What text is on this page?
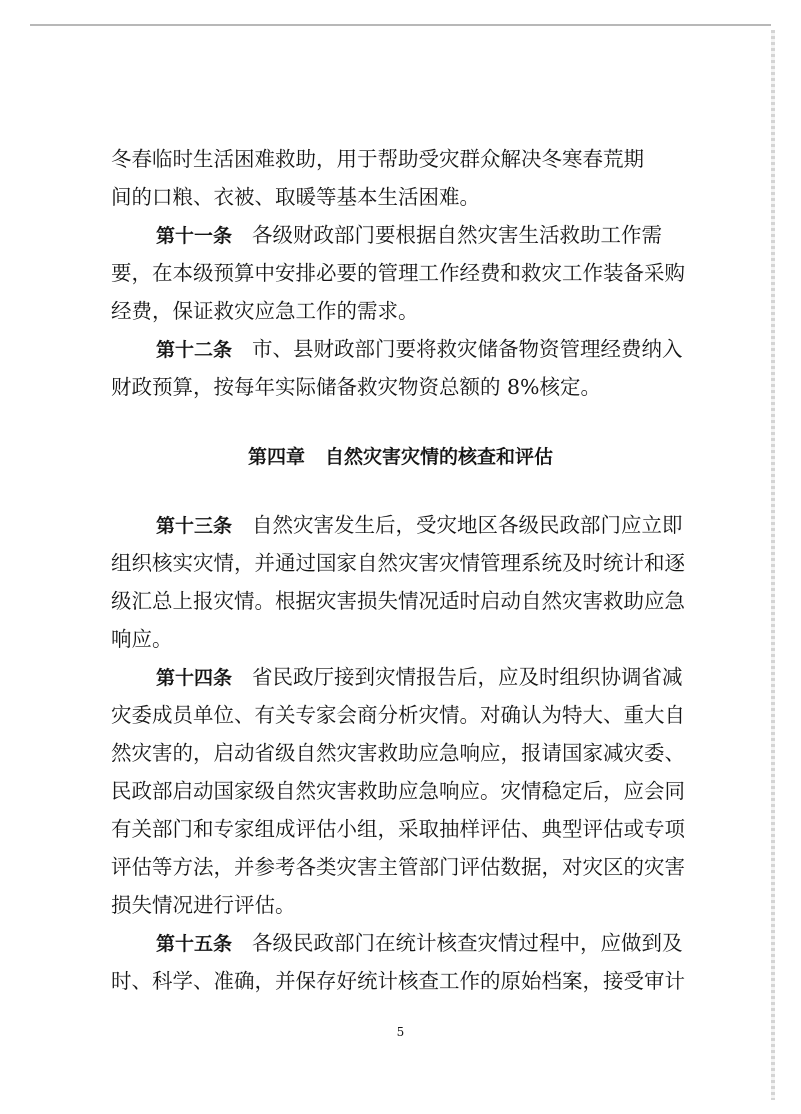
冬春临时生活困难救助，用于帮助受灾群众解决冬寒春荒期
间的口粮、衣被、取暖等基本生活困难。
第十一条 各级财政部门要根据自然灾害生活救助工作需
要，在本级预算中安排必要的管理工作经费和救灾工作装备采购
经费，保证救灾应急工作的需求。
第十二条 市、县财政部门要将救灾储备物资管理经费纳入
财政预算，按每年实际储备救灾物资总额的 8%核定。
第四章 自然灾害灾情的核查和评估
第十三条 自然灾害发生后，受灾地区各级民政部门应立即
组织核实灾情，并通过国家自然灾害灾情管理系统及时统计和逐
级汇总上报灾情。根据灾害损失情况适时启动自然灾害救助应急
响应。
第十四条 省民政厅接到灾情报告后，应及时组织协调省减
灾委成员单位、有关专家会商分析灾情。对确认为特大、重大自
然灾害的，启动省级自然灾害救助应急响应，报请国家减灾委、
民政部启动国家级自然灾害救助应急响应。灾情稳定后，应会同
有关部门和专家组成评估小组，采取抽样评估、典型评估或专项
评估等方法，并参考各类灾害主管部门评估数据，对灾区的灾害
损失情况进行评估。
第十五条 各级民政部门在统计核查灾情过程中，应做到及
时、科学、准确，并保存好统计核查工作的原始档案，接受审计
5
